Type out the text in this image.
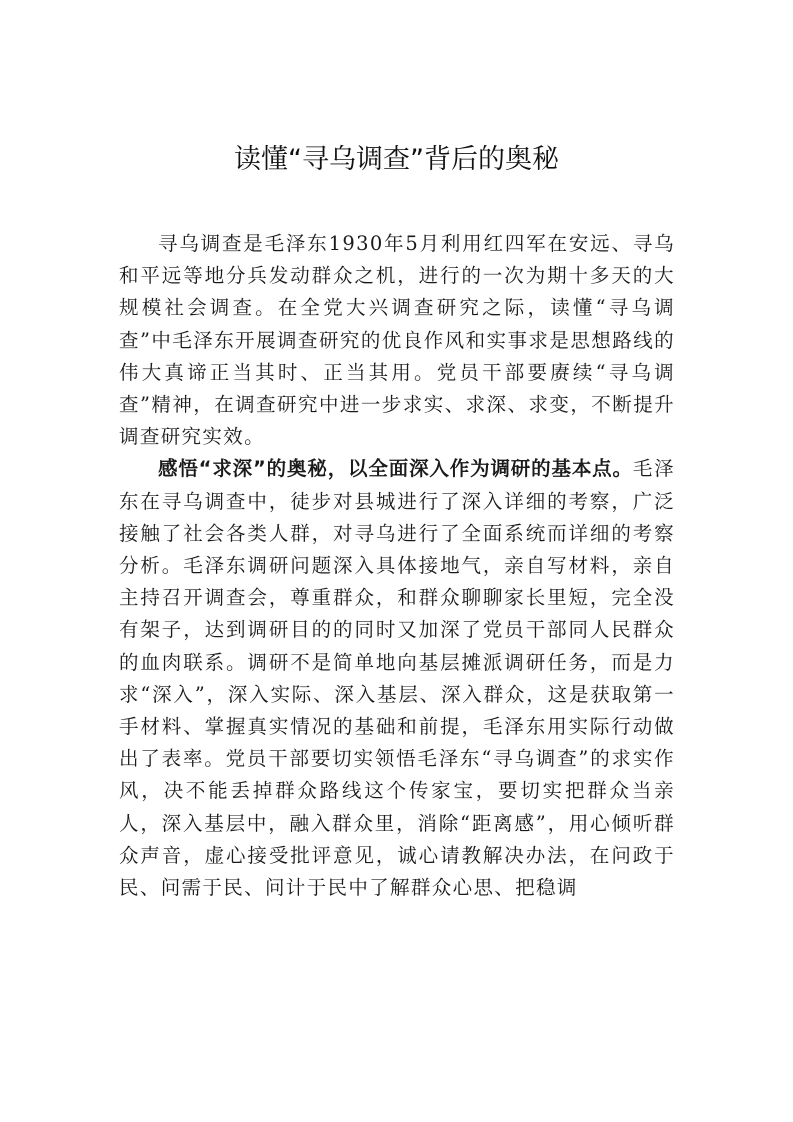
读懂“寻乌调查”背后的奥秘

寻乌调查是毛泽东1930年5月利用红四军在安远、寻乌和平远等地分兵发动群众之机，进行的一次为期十多天的大规模社会调查。在全党大兴调查研究之际，读懂“寻乌调查”中毛泽东开展调查研究的优良作风和实事求是思想路线的伟大真谛正当其时、正当其用。党员干部要赓续“寻乌调查”精神，在调查研究中进一步求实、求深、求变，不断提升调查研究实效。

感悟“求深”的奥秘，以全面深入作为调研的基本点。毛泽东在寻乌调查中，徒步对县城进行了深入详细的考察，广泛接触了社会各类人群，对寻乌进行了全面系统而详细的考察分析。毛泽东调研问题深入具体接地气，亲自写材料，亲自主持召开调查会，尊重群众，和群众聊聊家长里短，完全没有架子，达到调研目的的同时又加深了党员干部同人民群众的血肉联系。调研不是简单地向基层摊派调研任务，而是力求“深入”，深入实际、深入基层、深入群众，这是获取第一手材料、掌握真实情况的基础和前提，毛泽东用实际行动做出了表率。党员干部要切实领悟毛泽东“寻乌调查”的求实作风，决不能丢掉群众路线这个传家宝，要切实把群众当亲人，深入基层中，融入群众里，消除“距离感”，用心倾听群众声音，虚心接受批评意见，诚心请教解决办法，在问政于民、问需于民、问计于民中了解群众心思、把稳调
